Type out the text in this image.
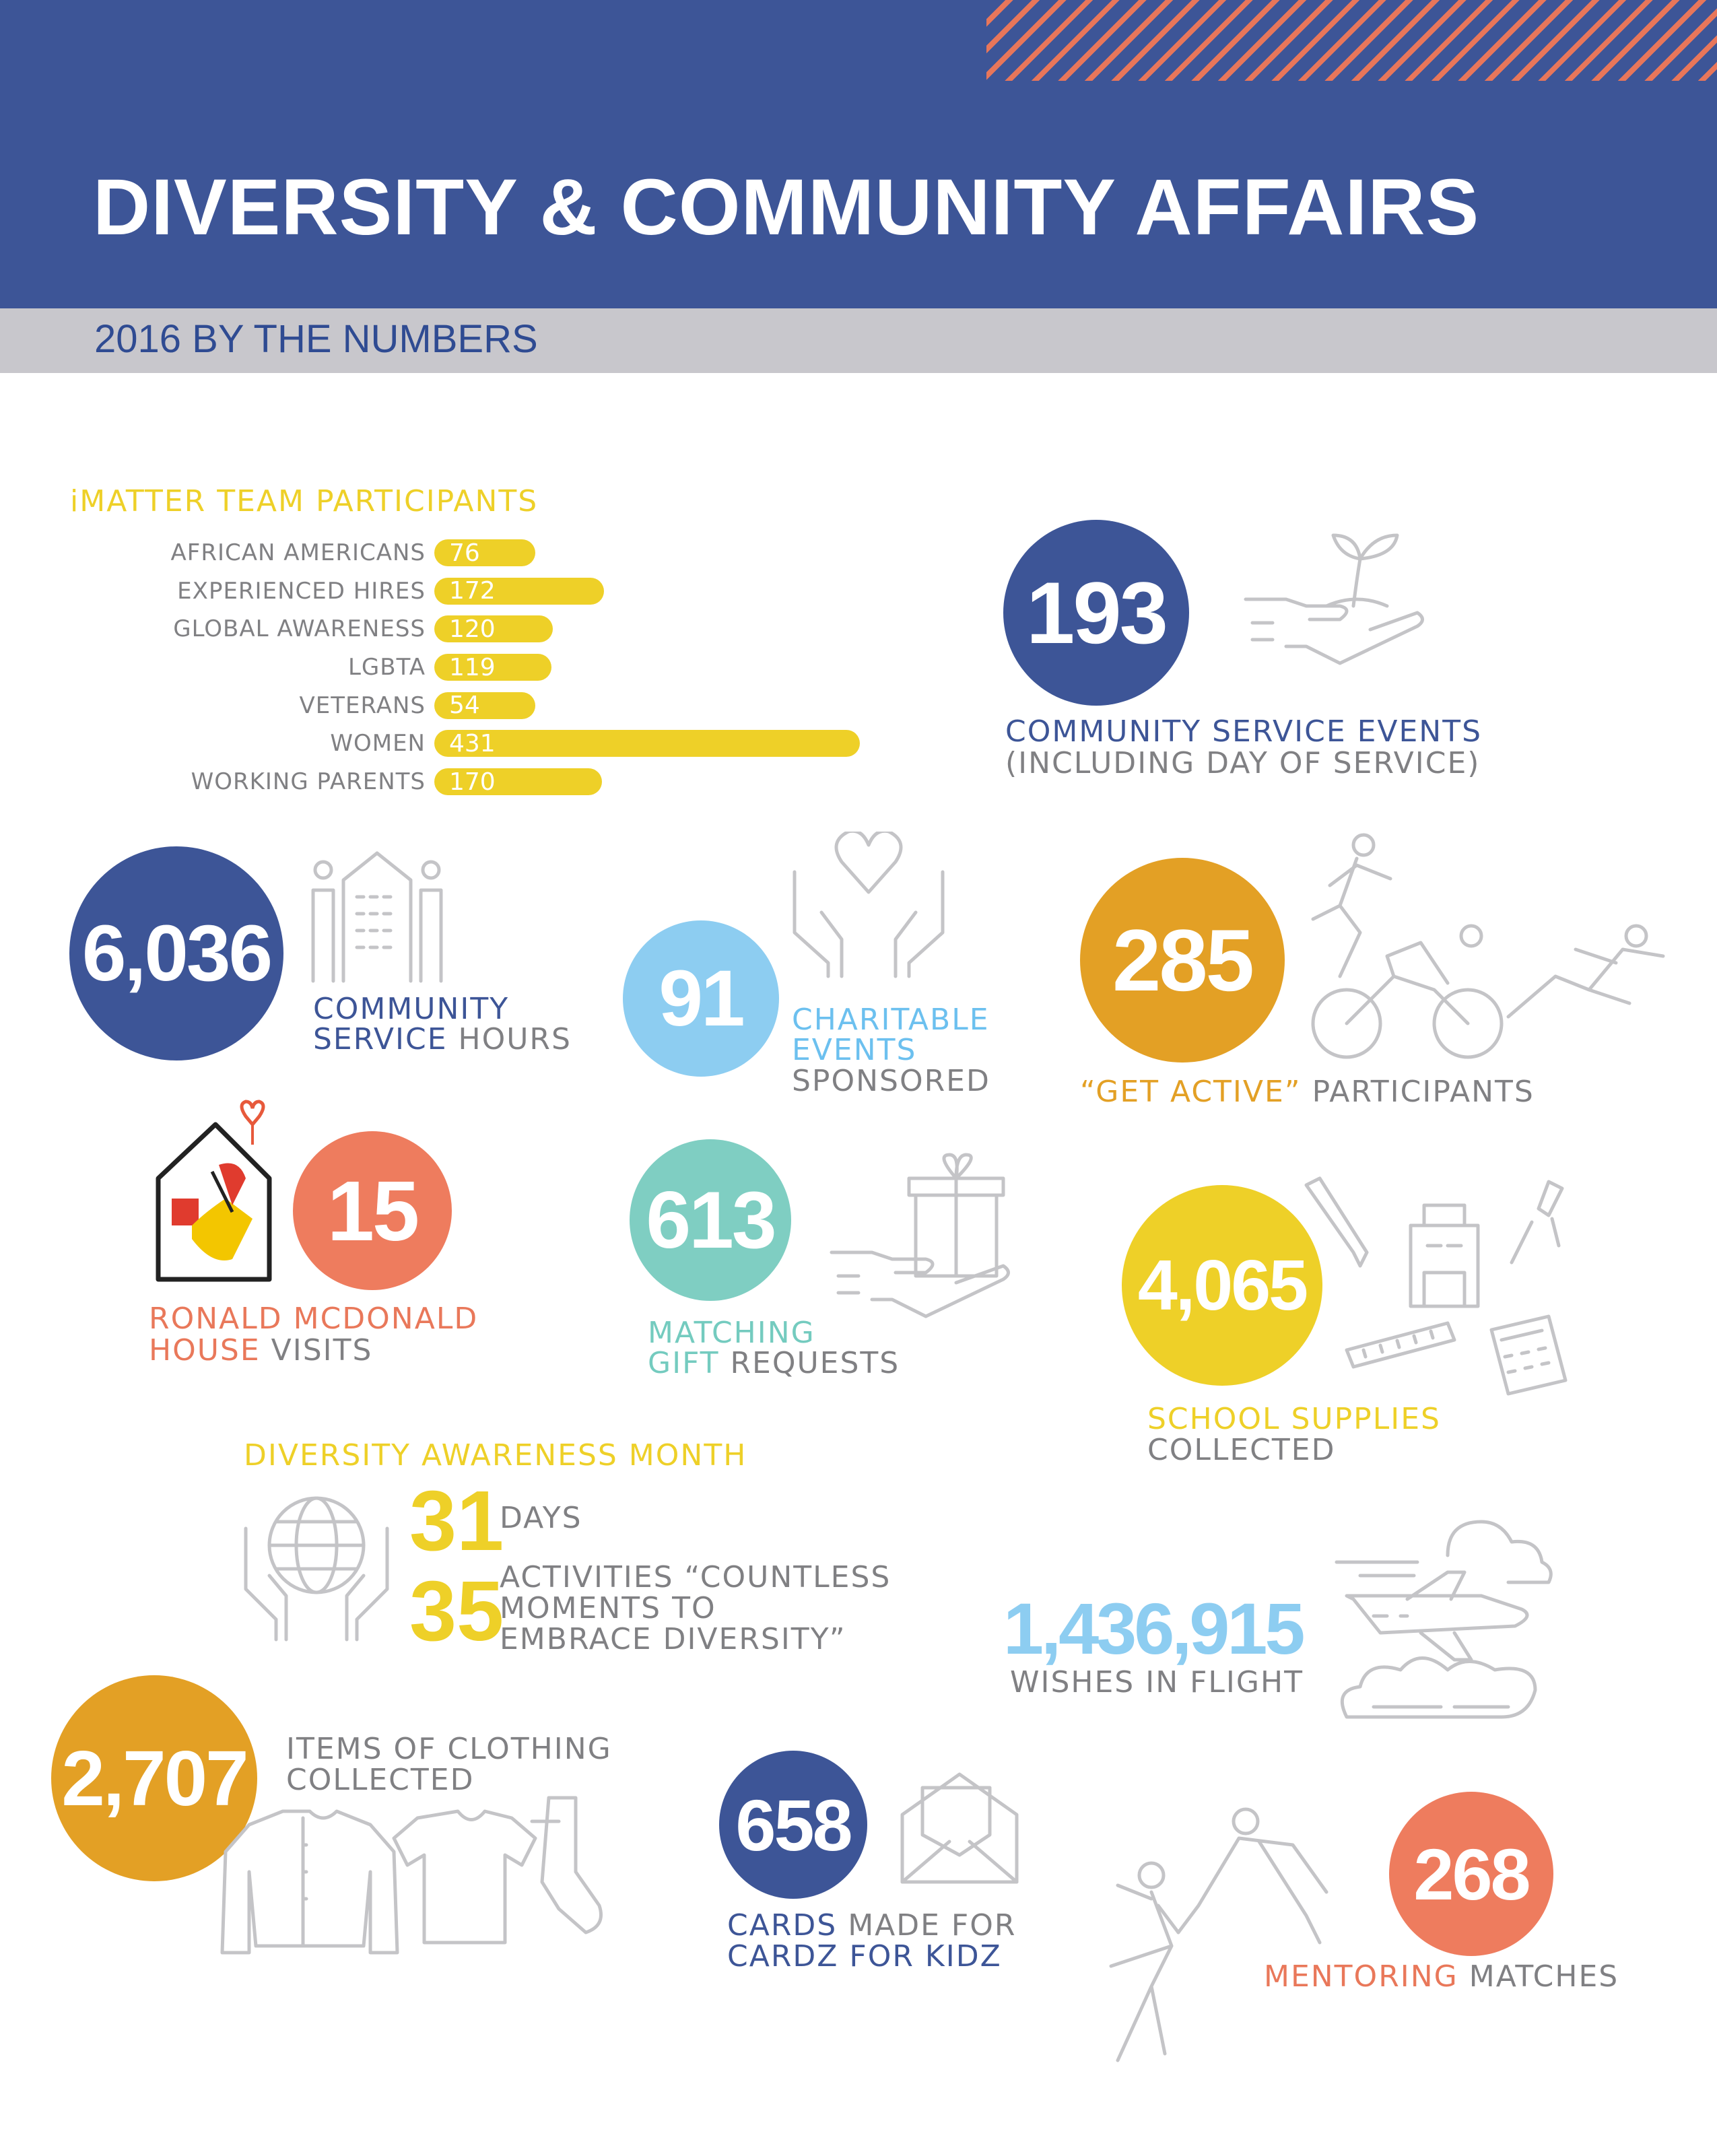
DIVERSITY & COMMUNITY AFFAIRS
2016 BY THE NUMBERS
iMATTER TEAM PARTICIPANTS
AFRICAN AMERICANS 76
EXPERIENCED HIRES 172
GLOBAL AWARENESS 120
LGBTA 119
VETERANS 54
WOMEN 431
WORKING PARENTS 170
193
COMMUNITY SERVICE EVENTS
(INCLUDING DAY OF SERVICE)
6,036
COMMUNITY
SERVICE HOURS 91 CHARITABLE
EVENTS
SPONSORED
285
“GET ACTIVE” PARTICIPANTS
15
RONALD MCDONALD
HOUSE VISITS
613
MATCHING
GIFT REQUESTS
4,065
SCHOOL SUPPLIES
COLLECTED
DIVERSITY AWARENESS MONTH
31
DAYS
35
ACTIVITIES “COUNTLESS
MOMENTS TO
EMBRACE DIVERSITY” 1,436,915
WISHES IN FLIGHT
2,707 ITEMS OF CLOTHING
COLLECTED
658
CARDS MADE FOR
CARDZ FOR KIDZ
268
MENTORING MATCHES
